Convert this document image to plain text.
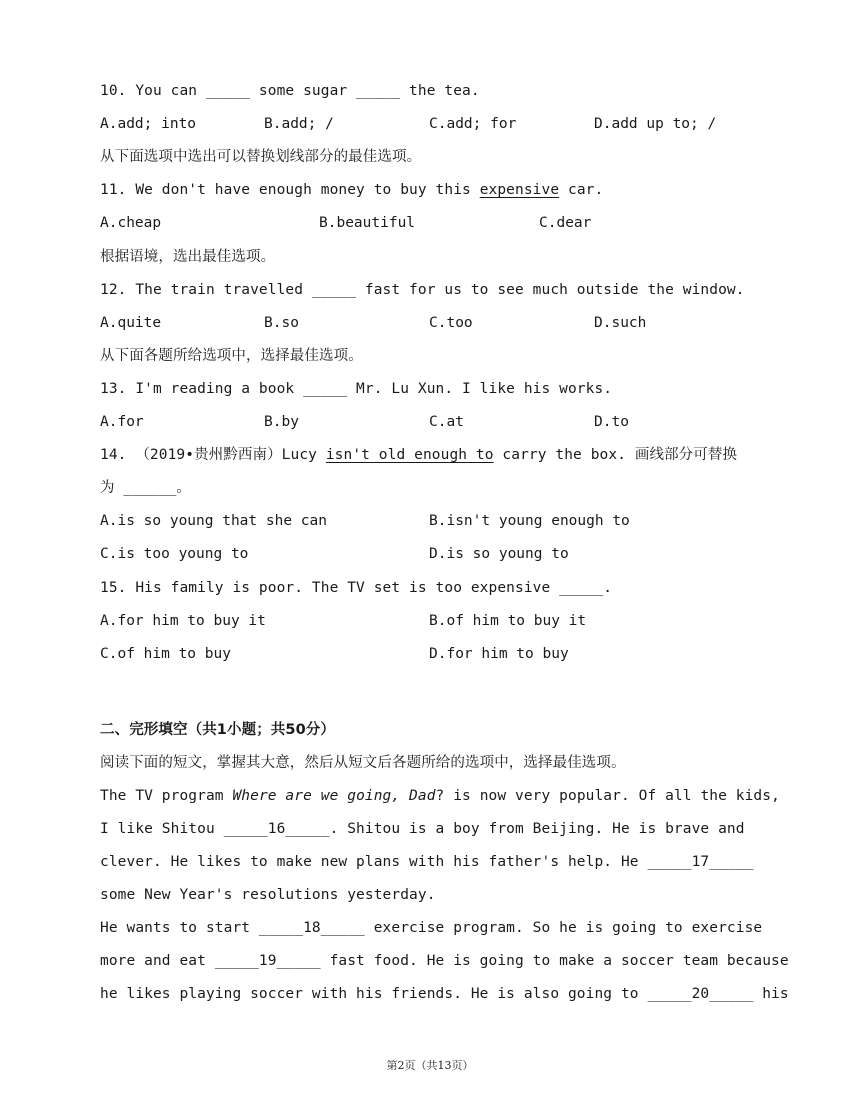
10. You can _____ some sugar _____ the tea.
A.add; into	B.add; /	C.add; for	D.add up to; /
从下面选项中选出可以替换划线部分的最佳选项。
11. We don't have enough money to buy this expensive car.
A.cheap	B.beautiful	C.dear
根据语境，选出最佳选项。
12. The train travelled _____ fast for us to see much outside the window.
A.quite	B.so	C.too	D.such
从下面各题所给选项中，选择最佳选项。
13. I'm reading a book _____ Mr. Lu Xun. I like his works.
A.for	B.by	C.at	D.to
14. （2019•贵州黔西南）Lucy isn't old enough to carry the box. 画线部分可替换
为 ______。
A.is so young that she can	B.isn't young enough to
C.is too young to	D.is so young to
15. His family is poor. The TV set is too expensive _____.
A.for him to buy it	B.of him to buy it
C.of him to buy	D.for him to buy
二、完形填空（共1小题；共50分）
阅读下面的短文，掌握其大意，然后从短文后各题所给的选项中，选择最佳选项。
The TV program Where are we going, Dad? is now very popular. Of all the kids,
I like Shitou _____16_____. Shitou is a boy from Beijing. He is brave and
clever. He likes to make new plans with his father's help. He _____17_____
some New Year's resolutions yesterday.
He wants to start _____18_____ exercise program. So he is going to exercise
more and eat _____19_____ fast food. He is going to make a soccer team because
he likes playing soccer with his friends. He is also going to _____20_____ his
第2页（共13页）
